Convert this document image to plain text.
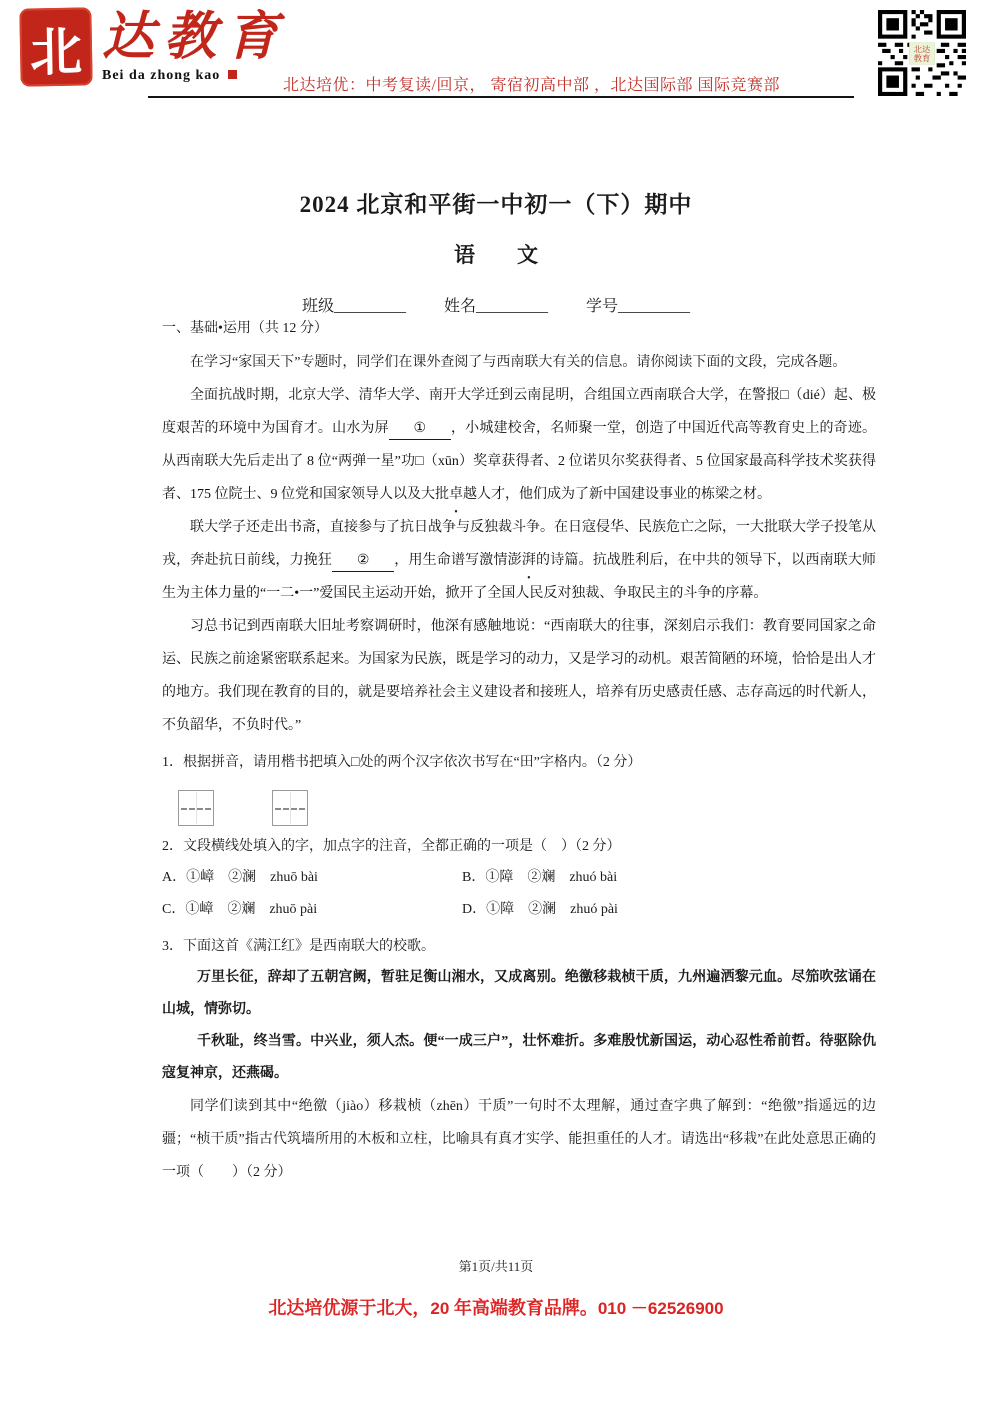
北 达教育
Bei da zhong kao
北达培优：中考复读/回京， 寄宿初高中部 ，北达国际部 国际竞赛部
北达
教育
2024 北京和平街一中初一（下）期中
语　　文
班级_________ 姓名_________ 学号_________
一、基础•运用（共 12 分）

在学习“家国天下”专题时，同学们在课外查阅了与西南联大有关的信息。请你阅读下面的文段，完成各题。

全面抗战时期，北京大学、清华大学、南开大学迁到云南昆明，合组国立西南联合大学，在警报□（dié）起、极度艰苦的环境中为国育才。山水为屏 ① ，小城建校舍，名师聚一堂，创造了中国近代高等教育史上的奇迹。从西南联大先后走出了 8 位“两弹一星”功□（xūn）奖章获得者、2 位诺贝尔奖获得者、5 位国家最高科学技术奖获得者、175 位院士、9 位党和国家领导人以及大批卓越人才，他们成为了新中国建设事业的栋梁之材。

联大学子还走出书斋，直接参与了抗日战争与反独裁斗争。在日寇侵华、民族危亡之际，一大批联大学子投笔从戎，奔赴抗日前线，力挽狂 ② ，用生命谱写激情澎湃的诗篇。抗战胜利后，在中共的领导下，以西南联大师生为主体力量的“一二•一”爱国民主运动开始，掀开了全国人民反对独裁、争取民主的斗争的序幕。

习总书记到西南联大旧址考察调研时，他深有感触地说：“西南联大的往事，深刻启示我们：教育要同国家之命运、民族之前途紧密联系起来。为国家为民族，既是学习的动力，又是学习的动机。艰苦简陋的环境，恰恰是出人才的地方。我们现在教育的目的，就是要培养社会主义建设者和接班人，培养有历史感责任感、志存高远的时代新人，不负韶华，不负时代。”

1．根据拼音，请用楷书把填入□处的两个汉字依次书写在“田”字格内。（2 分）
2．文段横线处填入的字，加点字的注音，全都正确的一项是（　）（2 分）
A．①嶂　②澜　zhuō bài	B．①障　②斓　zhuó bài
C．①嶂　②斓　zhuō pài	D．①障　②澜　zhuó pài
3．下面这首《满江红》是西南联大的校歌。

万里长征，辞却了五朝宫阙，暂驻足衡山湘水，又成离别。绝徼移栽桢干质，九州遍洒黎元血。尽笳吹弦诵在山城，情弥切。

千秋耻，终当雪。中兴业，须人杰。便“一成三户”，壮怀难折。多难殷忧新国运，动心忍性希前哲。待驱除仇寇复神京，还燕碣。

同学们读到其中“绝徼（jiào）移栽桢（zhēn）干质”一句时不太理解，通过查字典了解到：“绝徼”指遥远的边疆；“桢干质”指古代筑墙所用的木板和立柱，比喻具有真才实学、能担重任的人才。请选出“移栽”在此处意思正确的一项（　　）（2 分）

第1页/共11页
北达培优源于北大，20 年高端教育品牌。010 －62526900
